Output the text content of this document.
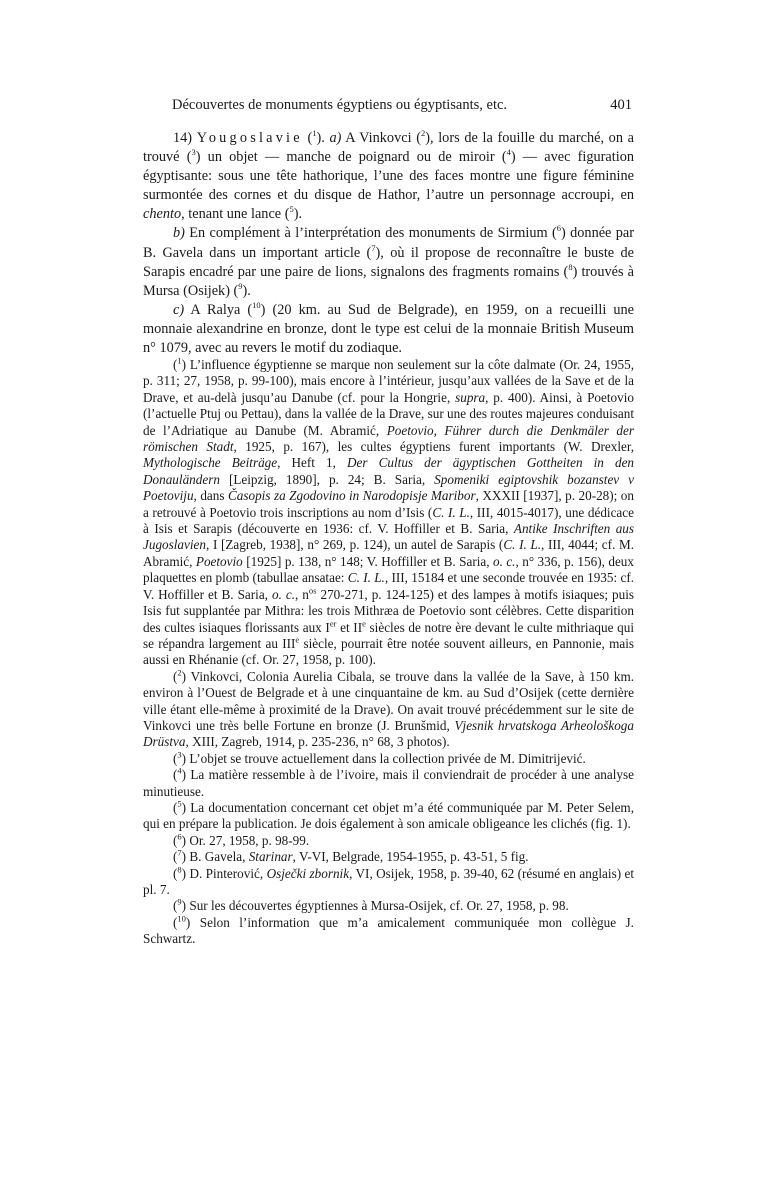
Découvertes de monuments égyptiens ou égyptisants, etc.	401

14) Yougoslavie ($^1$). a) A Vinkovci ($^2$), lors de la fouille du marché, on a trouvé ($^3$) un objet — manche de poignard ou de miroir ($^4$) — avec figuration égyptisante: sous une tête hathorique, l’une des faces montre une figure féminine surmontée des cornes et du disque de Hathor, l’autre un personnage accroupi, en chento, tenant une lance ($^5$).

b) En complément à l’interprétation des monuments de Sirmium ($^6$) donnée par B. Gavela dans un important article ($^7$), où il propose de reconnaître le buste de Sarapis encadré par une paire de lions, signalons des fragments romains ($^8$) trouvés à Mursa (Osijek) ($^9$).

c) A Ralya ($^{10}$) (20 km. au Sud de Belgrade), en 1959, on a recueilli une monnaie alexandrine en bronze, dont le type est celui de la monnaie British Museum n° 1079, avec au revers le motif du zodiaque.

($^1$) L’influence égyptienne se marque non seulement sur la côte dalmate (Or. 24, 1955, p. 311; 27, 1958, p. 99-100), mais encore à l’intérieur, jusqu’aux vallées de la Save et de la Drave, et au-delà jusqu’au Danube (cf. pour la Hongrie, supra, p. 400). Ainsi, à Poetovio (l’actuelle Ptuj ou Pettau), dans la vallée de la Drave, sur une des routes majeures conduisant de l’Adriatique au Danube (M. Abramić, Poetovio, Führer durch die Denkmäler der römischen Stadt, 1925, p. 167), les cultes égyptiens furent importants (W. Drexler, Mythologische Beiträge, Heft 1, Der Cultus der ägyptischen Gottheiten in den Donauländern [Leipzig, 1890], p. 24; B. Saria, Spomeniki egiptovshik bozanstev v Poetoviju, dans Časopis za Zgodovino in Narodopisje Maribor, XXXII [1937], p. 20-28); on a retrouvé à Poetovio trois inscriptions au nom d’Isis (C. I. L., III, 4015-4017), une dédicace à Isis et Sarapis (découverte en 1936: cf. V. Hoffiller et B. Saria, Antike Inschriften aus Jugoslavien, I [Zagreb, 1938], n° 269, p. 124), un autel de Sarapis (C. I. L., III, 4044; cf. M. Abramić, Poetovio [1925] p. 138, n° 148; V. Hoffiller et B. Saria, o. c., n° 336, p. 156), deux plaquettes en plomb (tabullae ansatae: C. I. L., III, 15184 et une seconde trouvée en 1935: cf. V. Hoffiller et B. Saria, o. c., $n^{os}$ 270-271, p. 124-125) et des lampes à motifs isiaques; puis Isis fut supplantée par Mithra: les trois Mithræa de Poetovio sont célèbres. Cette disparition des cultes isiaques florissants aux Ier et IIe siècles de notre ère devant le culte mithriaque qui se répandra largement au IIIe siècle, pourrait être notée souvent ailleurs, en Pannonie, mais aussi en Rhénanie (cf. Or. 27, 1958, p. 100).

($^2$) Vinkovci, Colonia Aurelia Cibala, se trouve dans la vallée de la Save, à 150 km. environ à l’Ouest de Belgrade et à une cinquantaine de km. au Sud d’Osijek (cette dernière ville étant elle-même à proximité de la Drave). On avait trouvé précédemment sur le site de Vinkovci une très belle Fortune en bronze (J. Brunšmid, Vjesnik hrvatskoga Arheološkoga Drüstva, XIII, Zagreb, 1914, p. 235-236, n° 68, 3 photos).

($^3$) L’objet se trouve actuellement dans la collection privée de M. Dimitrijević.

($^4$) La matière ressemble à de l’ivoire, mais il conviendrait de procéder à une analyse minutieuse.

($^5$) La documentation concernant cet objet m’a été communiquée par M. Peter Selem, qui en prépare la publication. Je dois également à son amicale obligeance les clichés (fig. 1).

($^6$) Or. 27, 1958, p. 98-99.

($^7$) B. Gavela, Starinar, V-VI, Belgrade, 1954-1955, p. 43-51, 5 fig.

($^8$) D. Pinterović, Osječki zbornik, VI, Osijek, 1958, p. 39-40, 62 (résumé en anglais) et pl. 7.

($^9$) Sur les découvertes égyptiennes à Mursa-Osijek, cf. Or. 27, 1958, p. 98.

($^{10}$) Selon l’information que m’a amicalement communiquée mon collègue J. Schwartz.
